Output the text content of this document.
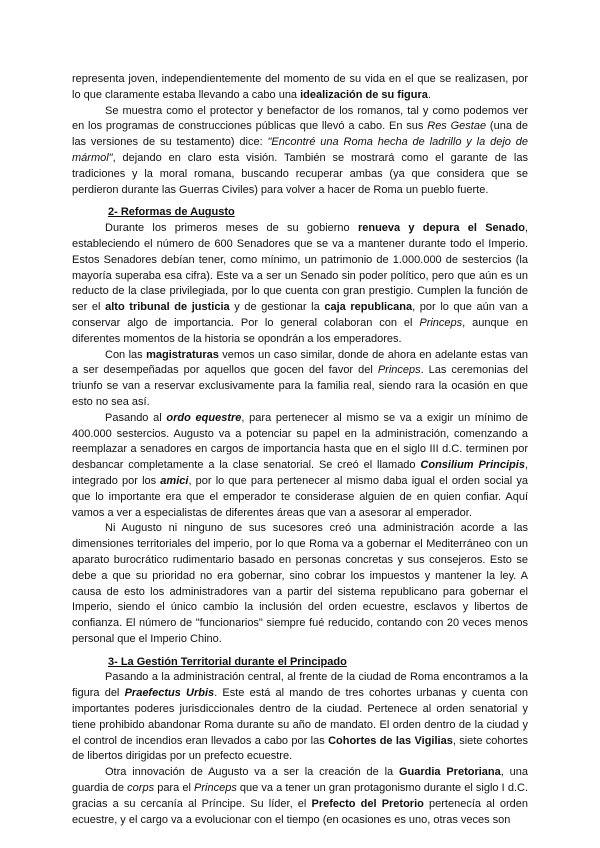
representa joven, independientemente del momento de su vida en el que se realizasen, por lo que claramente estaba llevando a cabo una idealización de su figura.

Se muestra como el protector y benefactor de los romanos, tal y como podemos ver en los programas de construcciones públicas que llevó a cabo. En sus Res Gestae (una de las versiones de su testamento) dice: "Encontré una Roma hecha de ladrillo y la dejo de mármol", dejando en claro esta visión. También se mostrará como el garante de las tradiciones y la moral romana, buscando recuperar ambas (ya que considera que se perdieron durante las Guerras Civiles) para volver a hacer de Roma un pueblo fuerte.

2- Reformas de Augusto

Durante los primeros meses de su gobierno renueva y depura el Senado, estableciendo el número de 600 Senadores que se va a mantener durante todo el Imperio. Estos Senadores debían tener, como mínimo, un patrimonio de 1.000.000 de sestercios (la mayoría superaba esa cifra). Este va a ser un Senado sin poder político, pero que aún es un reducto de la clase privilegiada, por lo que cuenta con gran prestigio. Cumplen la función de ser el alto tribunal de justicia y de gestionar la caja republicana, por lo que aún van a conservar algo de importancia. Por lo general colaboran con el Princeps, aunque en diferentes momentos de la historia se opondrán a los emperadores.

Con las magistraturas vemos un caso similar, donde de ahora en adelante estas van a ser desempeñadas por aquellos que gocen del favor del Princeps. Las ceremonias del triunfo se van a reservar exclusivamente para la familia real, siendo rara la ocasión en que esto no sea así.

Pasando al ordo equestre, para pertenecer al mismo se va a exigir un mínimo de 400.000 sestercios. Augusto va a potenciar su papel en la administración, comenzando a reemplazar a senadores en cargos de importancia hasta que en el siglo III d.C. terminen por desbancar completamente a la clase senatorial. Se creó el llamado Consilium Principis, integrado por los amici, por lo que para pertenecer al mismo daba igual el orden social ya que lo importante era que el emperador te considerase alguien de en quien confiar. Aquí vamos a ver a especialistas de diferentes áreas que van a asesorar al emperador.

Ni Augusto ni ninguno de sus sucesores creó una administración acorde a las dimensiones territoriales del imperio, por lo que Roma va a gobernar el Mediterráneo con un aparato burocrático rudimentario basado en personas concretas y sus consejeros. Esto se debe a que su prioridad no era gobernar, sino cobrar los impuestos y mantener la ley. A causa de esto los administradores van a partir del sistema republicano para gobernar el Imperio, siendo el único cambio la inclusión del orden ecuestre, esclavos y libertos de confianza. El número de "funcionarios" siempre fué reducido, contando con 20 veces menos personal que el Imperio Chino.

3- La Gestión Territorial durante el Principado

Pasando a la administración central, al frente de la ciudad de Roma encontramos a la figura del Praefectus Urbis. Este está al mando de tres cohortes urbanas y cuenta con importantes poderes jurisdiccionales dentro de la ciudad. Pertenece al orden senatorial y tiene prohibido abandonar Roma durante su año de mandato. El orden dentro de la ciudad y el control de incendios eran llevados a cabo por las Cohortes de las Vigilias, siete cohortes de libertos dirigidas por un prefecto ecuestre.

Otra innovación de Augusto va a ser la creación de la Guardia Pretoriana, una guardia de corps para el Princeps que va a tener un gran protagonismo durante el siglo I d.C. gracias a su cercanía al Príncipe. Su líder, el Prefecto del Pretorio pertenecía al orden ecuestre, y el cargo va a evolucionar con el tiempo (en ocasiones es uno, otras veces son
